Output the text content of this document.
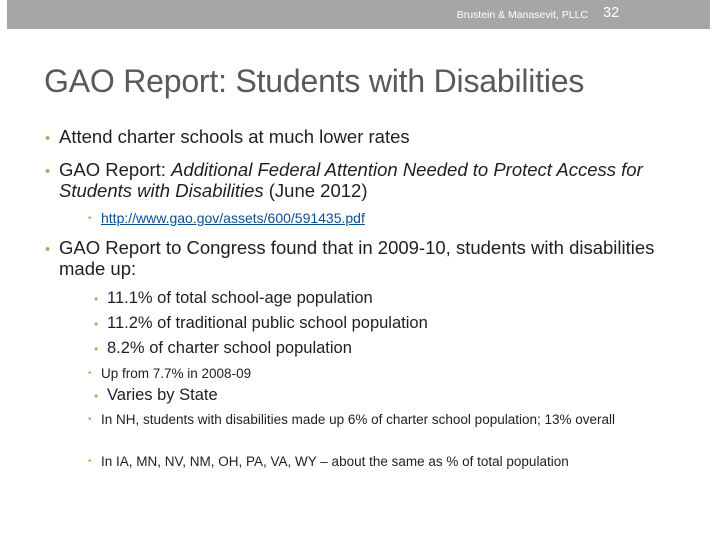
Brustein & Manasevit, PLLC 32
GAO Report: Students with Disabilities

• Attend charter schools at much lower rates

• GAO Report: Additional Federal Attention Needed to Protect Access for Students with Disabilities (June 2012)

• http://www.gao.gov/assets/600/591435.pdf

• GAO Report to Congress found that in 2009-10, students with disabilities made up:

• 11.1% of total school-age population

• 11.2% of traditional public school population

• 8.2% of charter school population

• Up from 7.7% in 2008-09

• Varies by State

• In NH, students with disabilities made up 6% of charter school population; 13% overall

• In IA, MN, NV, NM, OH, PA, VA, WY – about the same as % of total population
